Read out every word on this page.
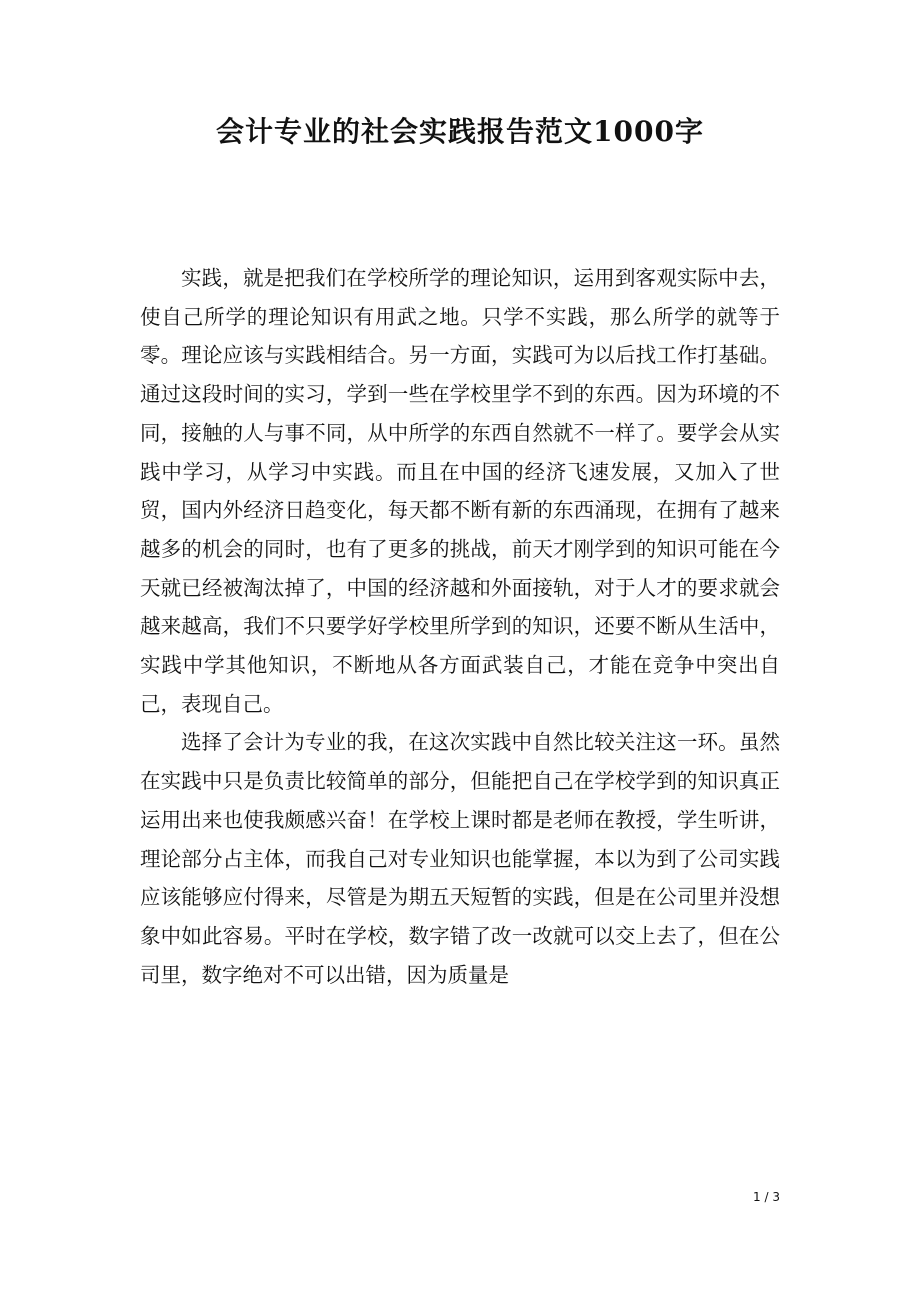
会计专业的社会实践报告范文1000字

实践，就是把我们在学校所学的理论知识，运用到客观实际中去，使自己所学的理论知识有用武之地。只学不实践，那么所学的就等于零。理论应该与实践相结合。另一方面，实践可为以后找工作打基础。通过这段时间的实习，学到一些在学校里学不到的东西。因为环境的不同，接触的人与事不同，从中所学的东西自然就不一样了。要学会从实践中学习，从学习中实践。而且在中国的经济飞速发展，又加入了世贸，国内外经济日趋变化，每天都不断有新的东西涌现，在拥有了越来越多的机会的同时，也有了更多的挑战，前天才刚学到的知识可能在今天就已经被淘汰掉了，中国的经济越和外面接轨，对于人才的要求就会越来越高，我们不只要学好学校里所学到的知识，还要不断从生活中，实践中学其他知识，不断地从各方面武装自己，才能在竞争中突出自己，表现自己。

选择了会计为专业的我，在这次实践中自然比较关注这一环。虽然在实践中只是负责比较简单的部分，但能把自己在学校学到的知识真正运用出来也使我颇感兴奋！在学校上课时都是老师在教授，学生听讲，理论部分占主体，而我自己对专业知识也能掌握，本以为到了公司实践应该能够应付得来，尽管是为期五天短暂的实践，但是在公司里并没想象中如此容易。平时在学校，数字错了改一改就可以交上去了，但在公司里，数字绝对不可以出错，因为质量是

1 / 3
